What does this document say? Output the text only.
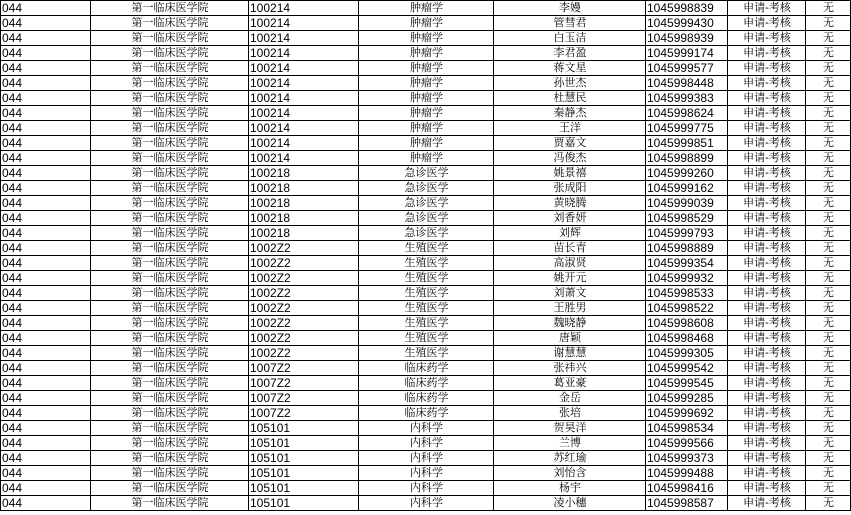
044	第一临床医学院	100214	肿瘤学	李嫚	1045998839	申请-考核	无
044	第一临床医学院	100214	肿瘤学	管彗君	1045999430	申请-考核	无
044	第一临床医学院	100214	肿瘤学	白玉洁	1045998939	申请-考核	无
044	第一临床医学院	100214	肿瘤学	李君盈	1045999174	申请-考核	无
044	第一临床医学院	100214	肿瘤学	蒋文星	1045999577	申请-考核	无
044	第一临床医学院	100214	肿瘤学	孙世杰	1045998448	申请-考核	无
044	第一临床医学院	100214	肿瘤学	杜慧民	1045999383	申请-考核	无
044	第一临床医学院	100214	肿瘤学	秦静杰	1045998624	申请-考核	无
044	第一临床医学院	100214	肿瘤学	王洋	1045999775	申请-考核	无
044	第一临床医学院	100214	肿瘤学	贾嘉文	1045999851	申请-考核	无
044	第一临床医学院	100214	肿瘤学	冯俊杰	1045998899	申请-考核	无
044	第一临床医学院	100218	急诊医学	姚景禧	1045999260	申请-考核	无
044	第一临床医学院	100218	急诊医学	张成阳	1045999162	申请-考核	无
044	第一临床医学院	100218	急诊医学	黄晓腾	1045999039	申请-考核	无
044	第一临床医学院	100218	急诊医学	刘香妍	1045998529	申请-考核	无
044	第一临床医学院	100218	急诊医学	刘辉	1045999793	申请-考核	无
044	第一临床医学院	1002Z2	生殖医学	苗长青	1045998889	申请-考核	无
044	第一临床医学院	1002Z2	生殖医学	高淑贤	1045999354	申请-考核	无
044	第一临床医学院	1002Z2	生殖医学	姚开元	1045999932	申请-考核	无
044	第一临床医学院	1002Z2	生殖医学	刘萧文	1045998533	申请-考核	无
044	第一临床医学院	1002Z2	生殖医学	王胜男	1045998522	申请-考核	无
044	第一临床医学院	1002Z2	生殖医学	魏晓静	1045998608	申请-考核	无
044	第一临床医学院	1002Z2	生殖医学	唐颖	1045998468	申请-考核	无
044	第一临床医学院	1002Z2	生殖医学	谢慧慧	1045999305	申请-考核	无
044	第一临床医学院	1007Z2	临床药学	张祎兴	1045999542	申请-考核	无
044	第一临床医学院	1007Z2	临床药学	葛亚豪	1045999545	申请-考核	无
044	第一临床医学院	1007Z2	临床药学	金岳	1045999285	申请-考核	无
044	第一临床医学院	1007Z2	临床药学	张培	1045999692	申请-考核	无
044	第一临床医学院	105101	内科学	贺昊洋	1045998534	申请-考核	无
044	第一临床医学院	105101	内科学	兰博	1045999566	申请-考核	无
044	第一临床医学院	105101	内科学	苏红瑜	1045999373	申请-考核	无
044	第一临床医学院	105101	内科学	刘怡含	1045999488	申请-考核	无
044	第一临床医学院	105101	内科学	杨宇	1045998416	申请-考核	无
044	第一临床医学院	105101	内科学	凌小穗	1045998587	申请-考核	无
